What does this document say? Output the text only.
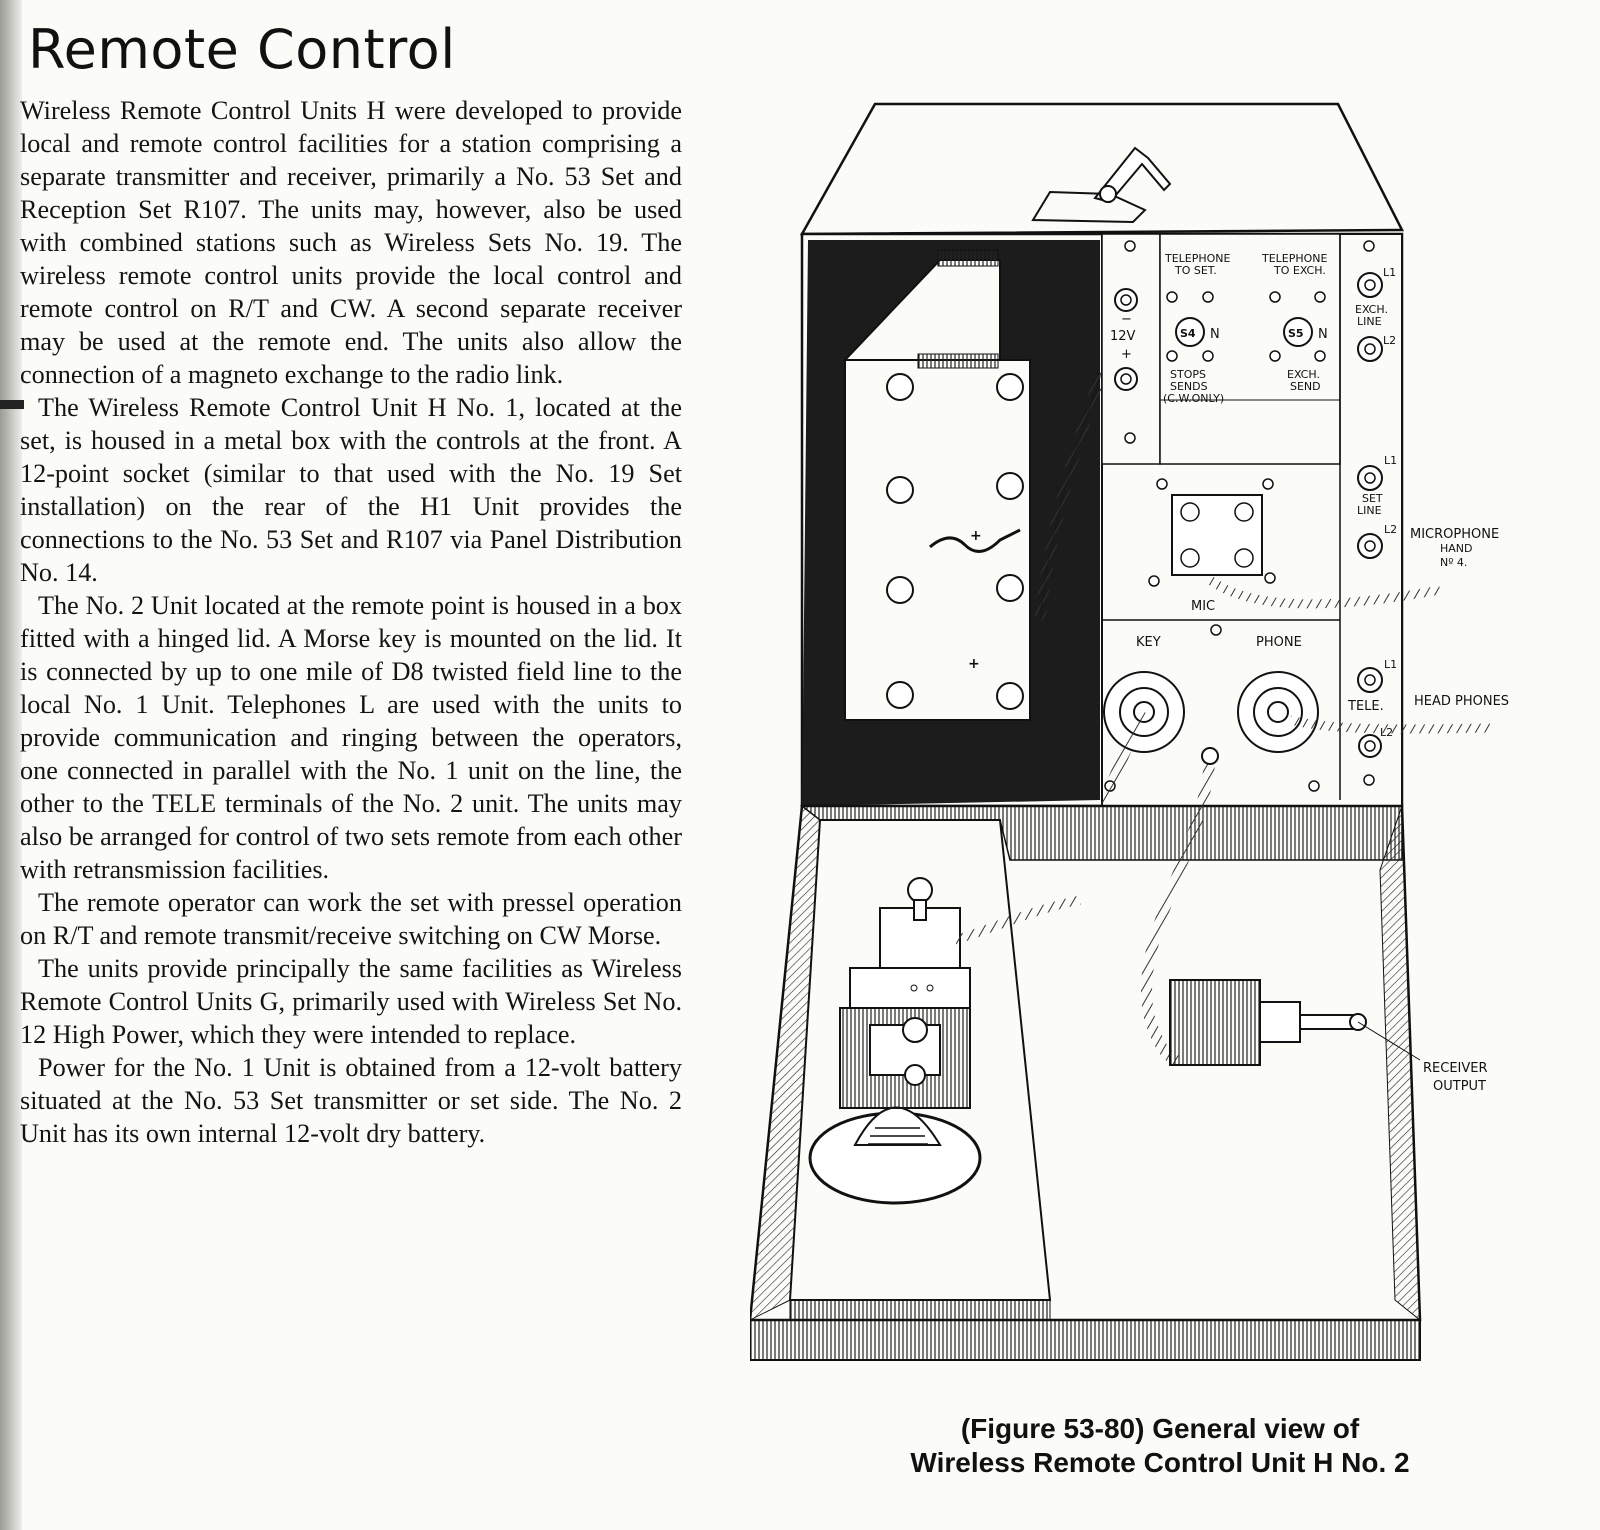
Remote Control

Wireless Remote Control Units H were developed to provide local and remote control facilities for a station comprising a separate transmitter and receiver, primarily a No. 53 Set and Reception Set R107. The units may, however, also be used with combined stations such as Wireless Sets No. 19. The wireless remote control units provide the local control and remote control on R/T and CW. A second separate receiver may be used at the remote end. The units also allow the connection of a magneto exchange to the radio link.

The Wireless Remote Control Unit H No. 1, located at the set, is housed in a metal box with the controls at the front. A 12-point socket (similar to that used with the No. 19 Set installation) on the rear of the H1 Unit provides the connections to the No. 53 Set and R107 via Panel Distribution No. 14.

The No. 2 Unit located at the remote point is housed in a box fitted with a hinged lid. A Morse key is mounted on the lid. It is connected by up to one mile of D8 twisted field line to the local No. 1 Unit. Telephones L are used with the units to provide communication and ringing between the operators, one connected in parallel with the No. 1 unit on the line, the other to the TELE terminals of the No. 2 unit. The units may also be arranged for control of two sets remote from each other with retransmission facilities.

The remote operator can work the set with pressel operation on R/T and remote transmit/receive switching on CW Morse.

The units provide principally the same facilities as Wireless Remote Control Units G, primarily used with Wireless Set No. 12 High Power, which they were intended to replace.

Power for the No. 1 Unit is obtained from a 12-volt battery situated at the No. 53 Set transmitter or set side. The No. 2 Unit has its own internal 12-volt dry battery.

+
+
12V
−
+
TELEPHONE
TO SET.
TELEPHONE
TO EXCH.
S4 N	S5 N
STOPS
SENDS
(C.W.ONLY)
EXCH.
SEND
L1
EXCH.
LINE
L2
L1
SET
LINE
L2
L1
TELE.
L2
MIC
KEY	PHONE
MICROPHONE
HAND
Nº 4.
HEAD PHONES
RECEIVER
OUTPUT
(Figure 53-80) General view of
Wireless Remote Control Unit H No. 2
